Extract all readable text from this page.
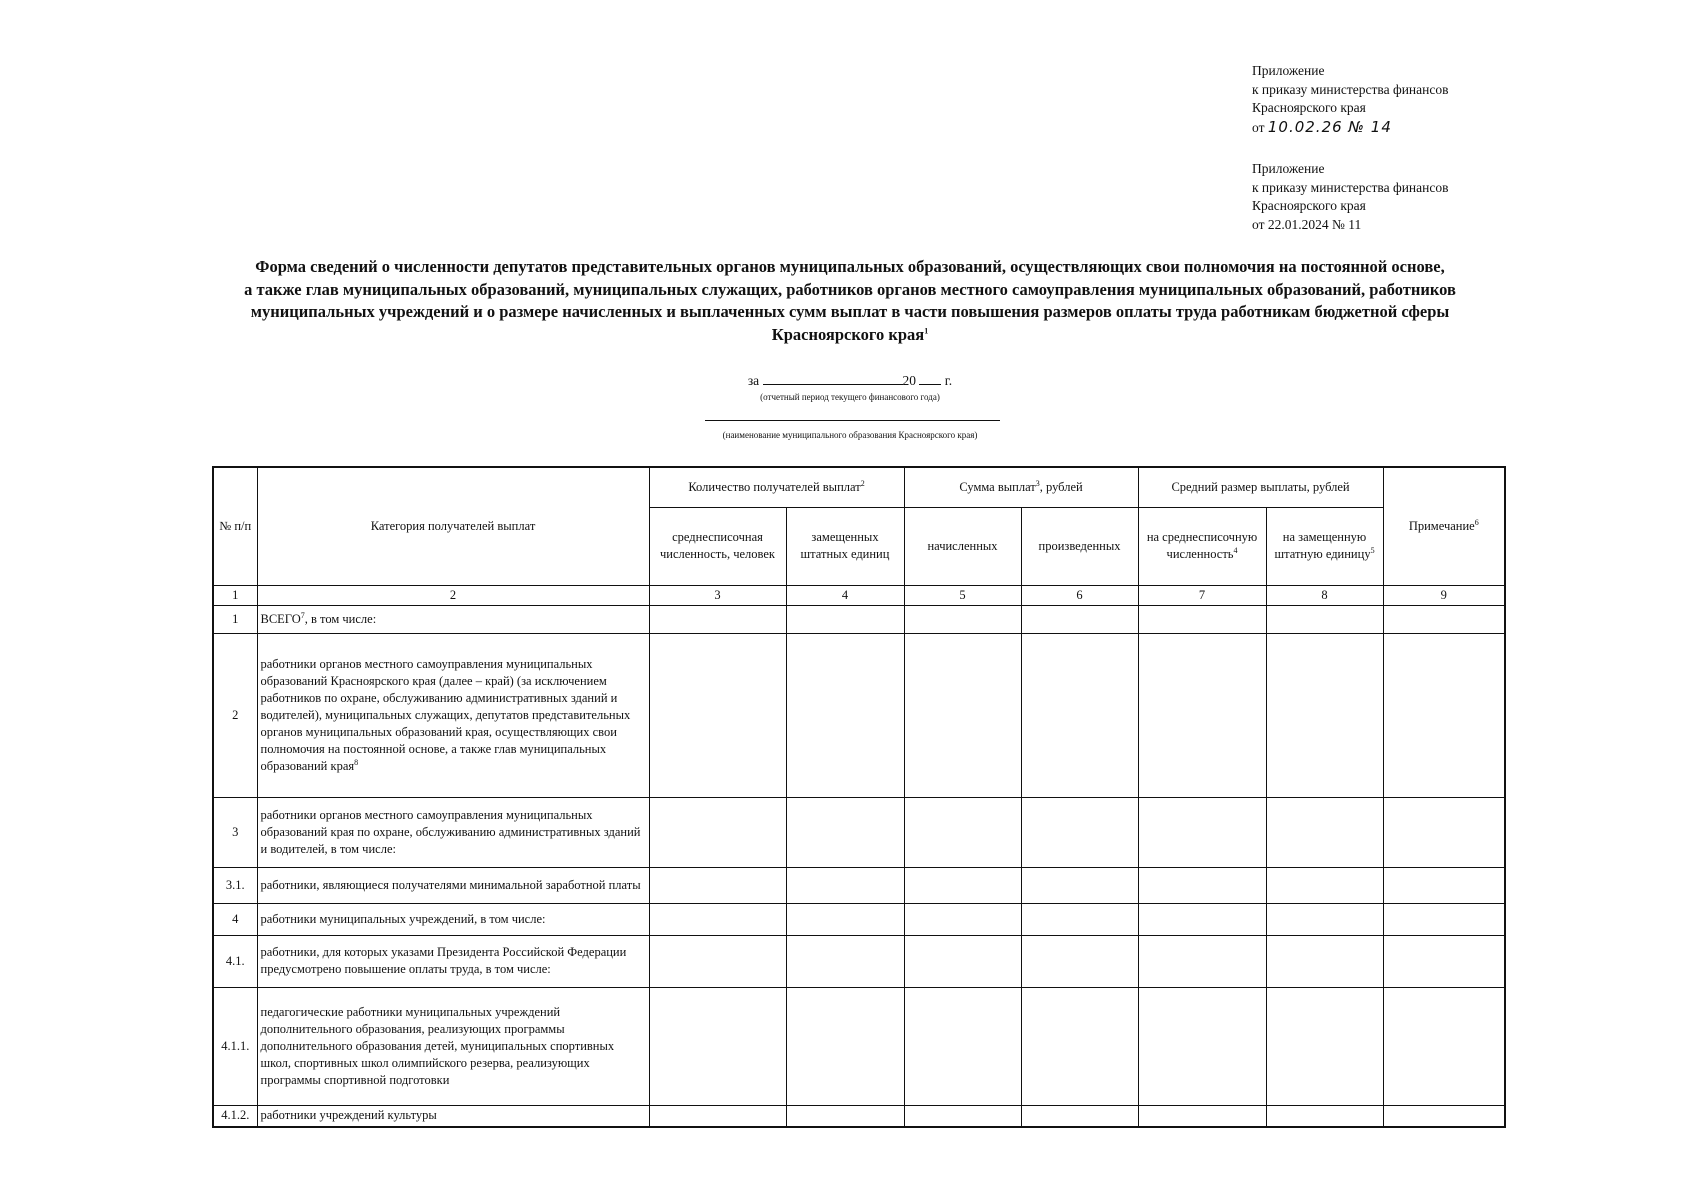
Приложение
к приказу министерства финансов
Красноярского края
от 10.02.26 № 14
Приложение
к приказу министерства финансов
Красноярского края
от 22.01.2024 № 11
Форма сведений о численности депутатов представительных органов муниципальных образований, осуществляющих свои полномочия на постоянной основе,
а также глав муниципальных образований, муниципальных служащих, работников органов местного самоуправления муниципальных образований, работников
муниципальных учреждений и о размере начисленных и выплаченных сумм выплат в части повышения размеров оплаты труда работникам бюджетной сферы
Красноярского края$^1$
за	20 г.
(отчетный период текущего финансового года)
(наименование муниципального образования Красноярского края)
№ п/п	Категория получателей выплат	Количество получателей выплат$^2$		Сумма выплат$^3$, рублей		Средний размер выплаты, рублей		Примечание$^6$
		среднесписочная численность, человек	замещенных штатных единиц	начисленных	произведенных	на среднесписочную численность$^4$	на замещенную штатную единицу$^5$
1	2	3	4	5	6	7	8	9
1	ВСЕГО$^7$, в том числе:							
2	работники органов местного самоуправления муниципальных образований Красноярского края (далее – край) (за исключением работников по охране, обслуживанию административных зданий и водителей), муниципальных служащих, депутатов представительных органов муниципальных образований края, осуществляющих свои полномочия на постоянной основе, а также глав муниципальных образований края$^8$							
3	работники органов местного самоуправления муниципальных образований края по охране, обслуживанию административных зданий и водителей, в том числе:							
3.1.	работники, являющиеся получателями минимальной заработной платы							
4	работники муниципальных учреждений, в том числе:							
4.1.	работники, для которых указами Президента Российской Федерации предусмотрено повышение оплаты труда, в том числе:							
4.1.1.	педагогические работники муниципальных учреждений дополнительного образования, реализующих программы дополнительного образования детей, муниципальных спортивных школ, спортивных школ олимпийского резерва, реализующих программы спортивной подготовки							
4.1.2.	работники учреждений культуры							
